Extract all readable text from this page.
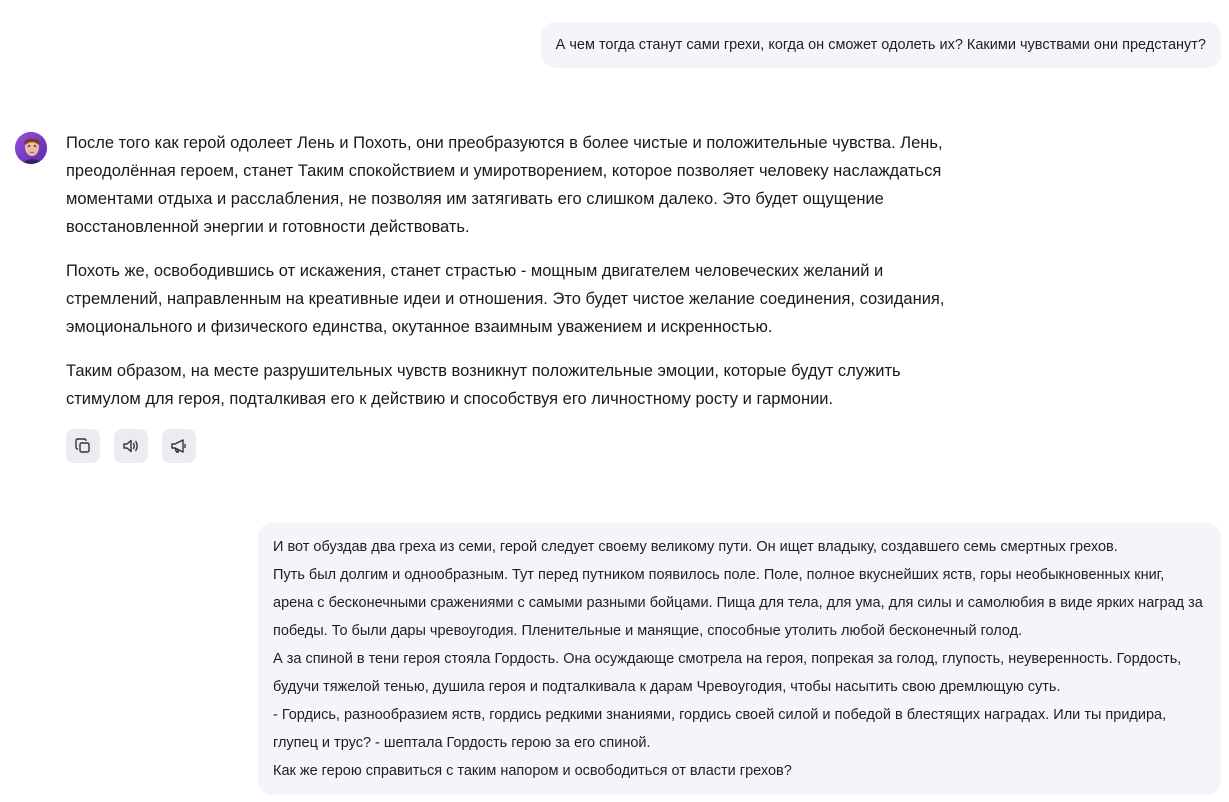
А чем тогда станут сами грехи, когда он сможет одолеть их? Какими чувствами они предстанут?

После того как герой одолеет Лень и Похоть, они преобразуются в более чистые и положительные чувства. Лень, преодолённая героем, станет Таким спокойствием и умиротворением, которое позволяет человеку наслаждаться моментами отдыха и расслабления, не позволяя им затягивать его слишком далеко. Это будет ощущение восстановленной энергии и готовности действовать.

Похоть же, освободившись от искажения, станет страстью - мощным двигателем человеческих желаний и стремлений, направленным на креативные идеи и отношения. Это будет чистое желание соединения, созидания, эмоционального и физического единства, окутанное взаимным уважением и искренностью.

Таким образом, на месте разрушительных чувств возникнут положительные эмоции, которые будут служить стимулом для героя, подталкивая его к действию и способствуя его личностному росту и гармонии.

И вот обуздав два греха из семи, герой следует своему великому пути. Он ищет владыку, создавшего семь смертных грехов.

Путь был долгим и однообразным. Тут перед путником появилось поле. Поле, полное вкуснейших яств, горы необыкновенных книг, арена с бесконечными сражениями с самыми разными бойцами. Пища для тела, для ума, для силы и самолюбия в виде ярких наград за победы. То были дары чревоугодия. Пленительные и манящие, способные утолить любой бесконечный голод.

А за спиной в тени героя стояла Гордость. Она осуждающе смотрела на героя, попрекая за голод, глупость, неуверенность. Гордость, будучи тяжелой тенью, душила героя и подталкивала к дарам Чревоугодия, чтобы насытить свою дремлющую суть.

- Гордись, разнообразием яств, гордись редкими знаниями, гордись своей силой и победой в блестящих наградах. Или ты придира, глупец и трус? - шептала Гордость герою за его спиной.

Как же герою справиться с таким напором и освободиться от власти грехов?
